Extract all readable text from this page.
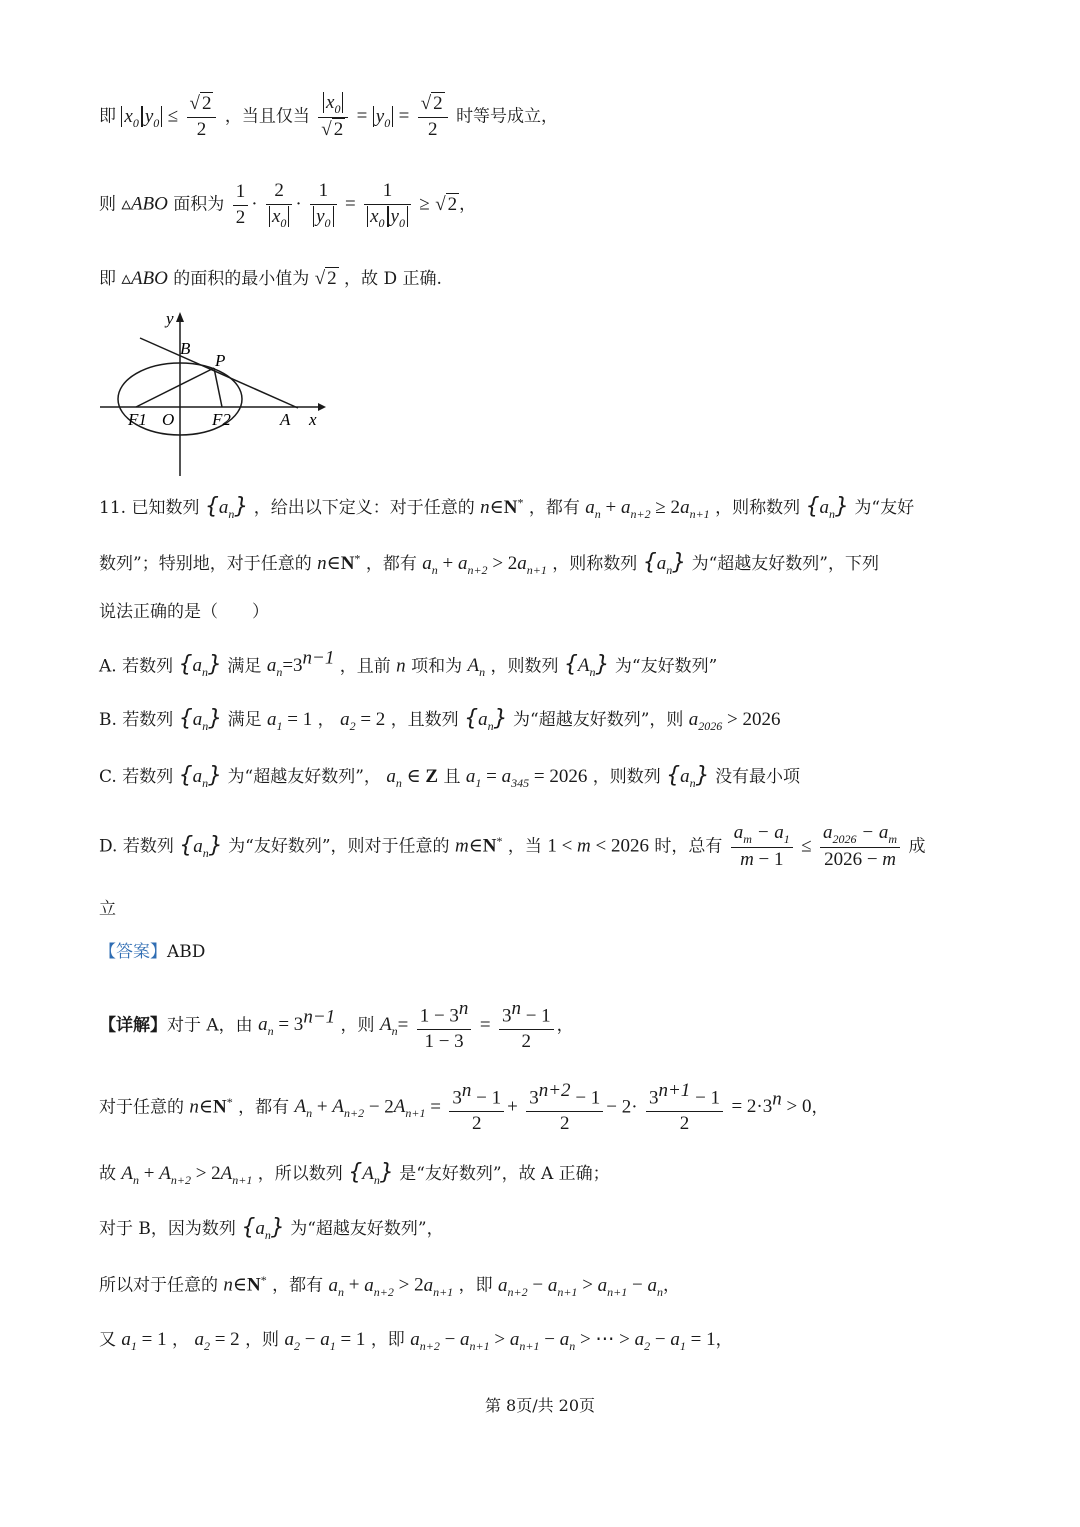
即 $x_0$ $y_0 \le \frac{√ 2}{2}$ ，当且仅当 $\frac{x_0}{√ 2} = y_0 = \frac{√ 2}{2}$ 时等号成立，
则 ▵ABO 面积为 $\frac{1}{2} \cdot \frac{2}{x_0} \cdot \frac{1}{y_0} = \frac{1}{x_0 y_0}$ ≥ √ 2 ，
即 ▵ABO 的面积的最小值为 √ 2 ，故 D 正确.
y
B
P
F1 O F2	A x
11. 已知数列 $\{a_n\}$ ，给出以下定义：对于任意的 n∈N* ，都有 $a_n + a_{n+2} \ge 2a_{n+1}$ ，则称数列 $\{a_n\}$ 为“友好
数列”；特别地，对于任意的 n∈N* ，都有 $a_n + a_{n+2} > 2a_{n+1}$ ，则称数列 $\{a_n\}$ 为“超越友好数列”，下列
说法正确的是（　　）
A. 若数列 $\{a_n\}$ 满足 $a_n=3^{n-1}$ ，且前 n 项和为 $A_n$ ，则数列 $\{A_n\}$ 为“友好数列”
B. 若数列 $\{a_n\}$ 满足 $a_1 = 1$ ， $a_2 = 2$ ，且数列 $\{a_n\}$ 为“超越友好数列”，则 $a_{2026} > 2026$
C. 若数列 $\{a_n\}$ 为“超越友好数列”， $a_n$ ∈ Z 且 $a_1 = a_{345} = 2026$ ，则数列 $\{a_n\}$ 没有最小项
D. 若数列 $\{a_n\}$ 为“友好数列”，则对于任意的 m∈N* ，当 1 < m < 2026 时，总有 $\frac{a_m - a_1}{m - 1} \le \frac{a_{2026} - a_m}{2026 - m}$ 成
立
【答案】ABD
【详解】对于 A，由 $a_n = 3^{n-1}$ ，则 $A_n= \frac{1 - 3^n}{1 - 3} = \frac{3^n - 1}{2}$ ，
对于任意的 n∈N* ，都有 $A_n + A_{n+2} - 2A_{n+1} = \frac{3^n - 1}{2} + \frac{3^{n+2} - 1}{2} - 2\cdot \frac{3^{n+1} - 1}{2} = 2\cdot 3^n > 0$，
故 $A_n + A_{n+2} > 2A_{n+1}$ ，所以数列 $\{A_n\}$ 是“友好数列”，故 A 正确；
对于 B，因为数列 $\{a_n\}$ 为“超越友好数列”，
所以对于任意的 n∈N* ，都有 $a_n + a_{n+2} > 2a_{n+1}$ ，即 $a_{n+2} - a_{n+1} > a_{n+1} - a_n$，
又 $a_1 = 1$ ， $a_2 = 2$ ，则 $a_2 - a_1 = 1$ ，即 $a_{n+2} - a_{n+1} > a_{n+1} - a_n$ > ⋯ > $a_2 - a_1 = 1$，
第 8页/共 20页
